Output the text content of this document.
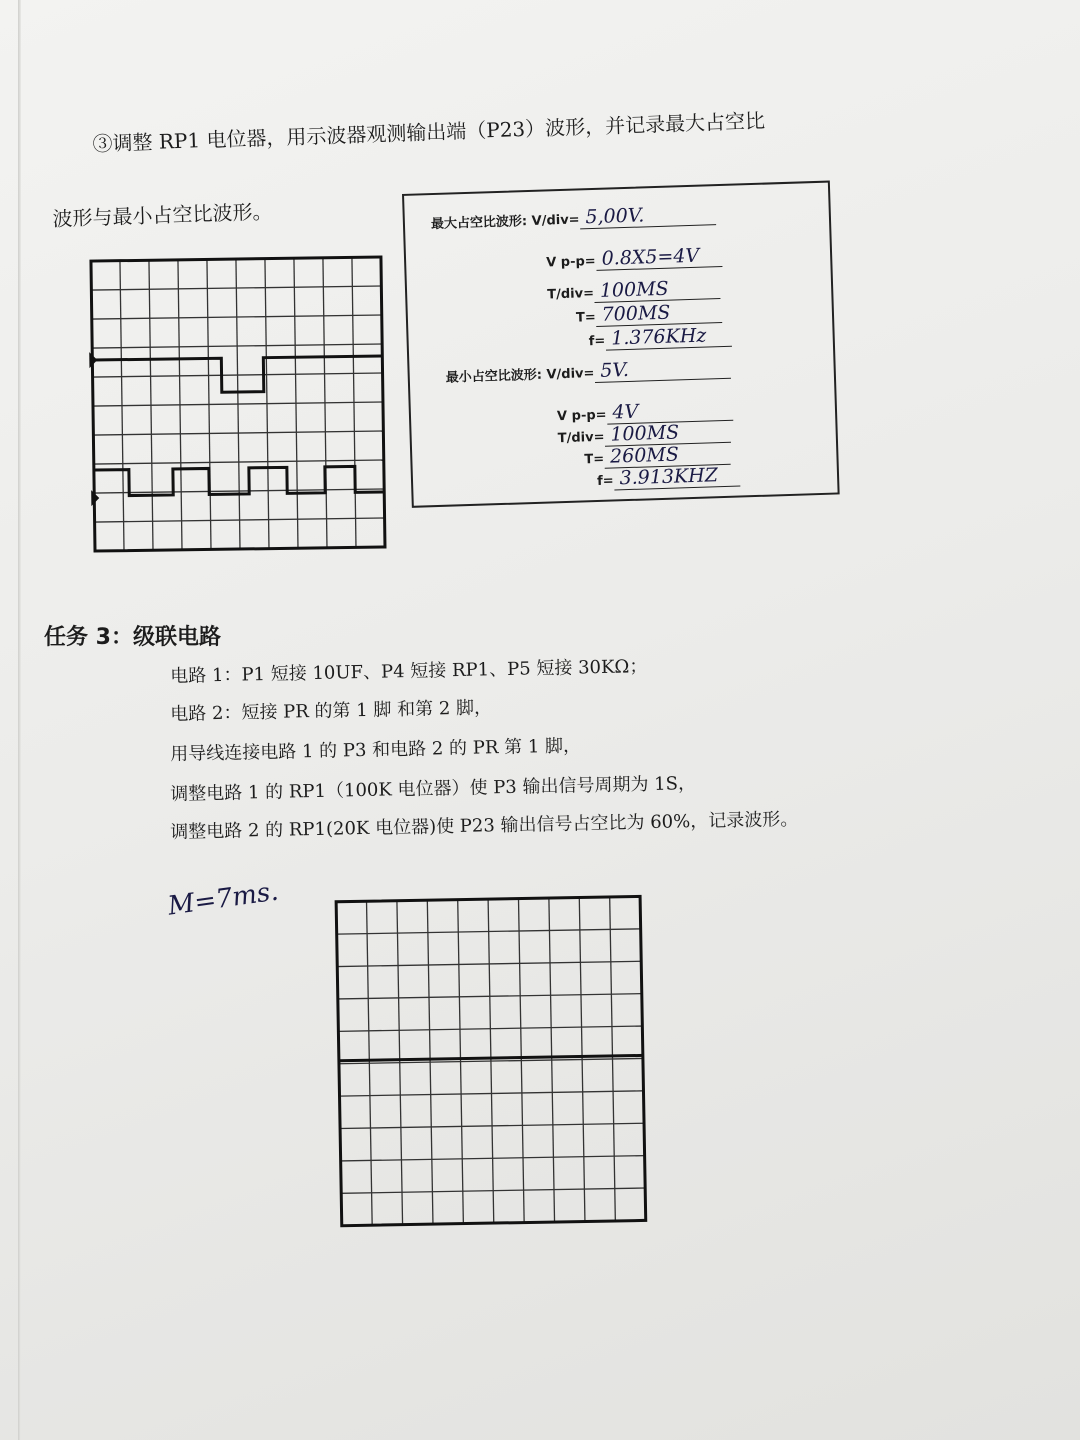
③调整 RP1 电位器，用示波器观测输出端（P23）波形，并记录最大占空比
波形与最小占空比波形。	最大占空比波形: V/div= 5,00V.
V p-p= 0.8X5=4V
T/div= 100MS
T= 700MS
f= 1.376KHz
最小占空比波形: V/div= 5V.
V p-p= 4V
T/div= 100MS
T= 260MS
f= 3.913KHZ
任务 3：级联电路
电路 1：P1 短接 10UF、P4 短接 RP1、P5 短接 30KΩ；
电路 2：短接 PR 的第 1 脚 和第 2 脚，
用导线连接电路 1 的 P3 和电路 2 的 PR 第 1 脚，
调整电路 1 的 RP1（100K 电位器）使 P3 输出信号周期为 1S，
调整电路 2 的 RP1(20K 电位器)使 P23 输出信号占空比为 60%，记录波形。
M=7ms.
